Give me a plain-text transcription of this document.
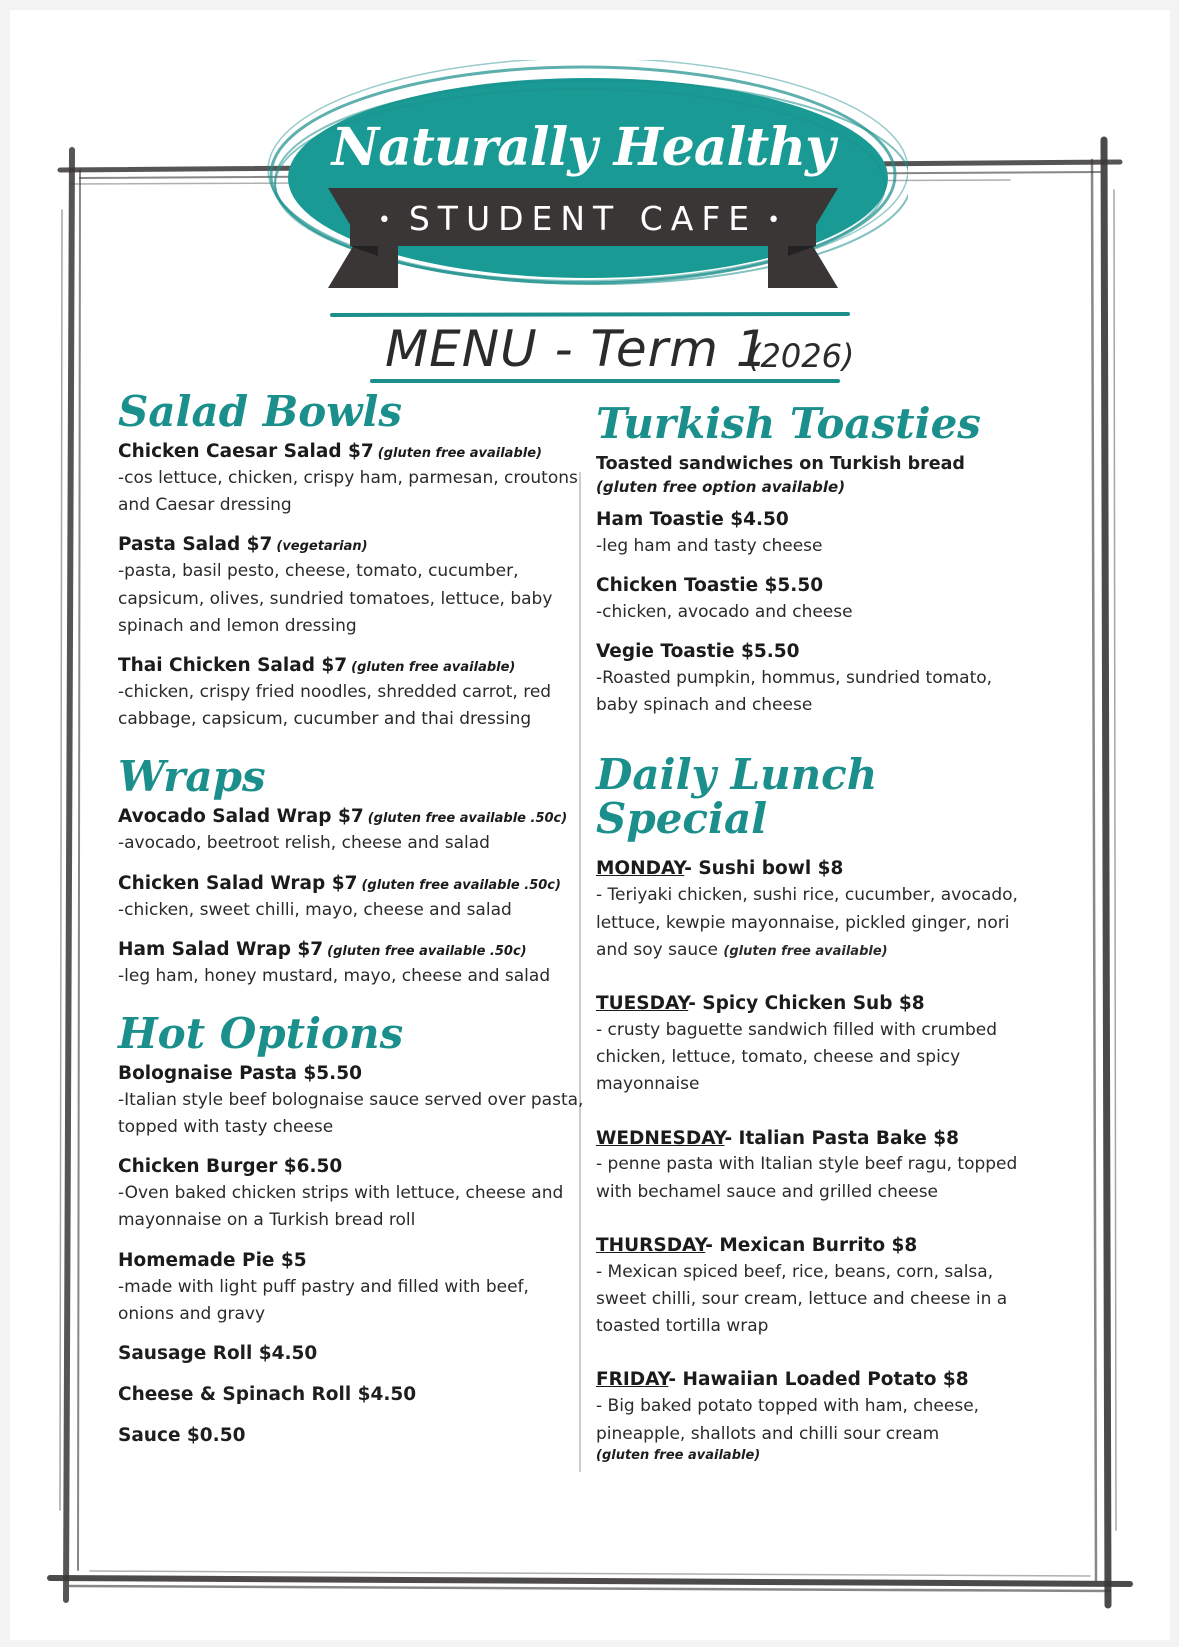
Naturally Healthy
• STUDENT CAFE •
MENU - Term 1
(2026)
Salad Bowls
Chicken Caesar Salad $7 (gluten free available)
-cos lettuce, chicken, crispy ham, parmesan, croutons and Caesar dressing
Pasta Salad $7 (vegetarian)
-pasta, basil pesto, cheese, tomato, cucumber, capsicum, olives, sundried tomatoes, lettuce, baby spinach and lemon dressing
Thai Chicken Salad $7 (gluten free available)
-chicken, crispy fried noodles, shredded carrot, red cabbage, capsicum, cucumber and thai dressing
Wraps
Avocado Salad Wrap $7 (gluten free available .50c)
-avocado, beetroot relish, cheese and salad
Chicken Salad Wrap $7 (gluten free available .50c)
-chicken, sweet chilli, mayo, cheese and salad
Ham Salad Wrap $7 (gluten free available .50c)
-leg ham, honey mustard, mayo, cheese and salad
Hot Options
Bolognaise Pasta $5.50
-Italian style beef bolognaise sauce served over pasta, topped with tasty cheese
Chicken Burger $6.50
-Oven baked chicken strips with lettuce, cheese and mayonnaise on a Turkish bread roll
Homemade Pie $5
-made with light puff pastry and filled with beef, onions and gravy
Sausage Roll $4.50
Cheese & Spinach Roll $4.50
Sauce $0.50
Turkish Toasties
Toasted sandwiches on Turkish bread
(gluten free option available)
Ham Toastie $4.50
-leg ham and tasty cheese
Chicken Toastie $5.50
-chicken, avocado and cheese
Vegie Toastie $5.50
-Roasted pumpkin, hommus, sundried tomato, baby spinach and cheese
Daily Lunch Special
MONDAY- Sushi bowl $8
- Teriyaki chicken, sushi rice, cucumber, avocado, lettuce, kewpie mayonnaise, pickled ginger, nori and soy sauce (gluten free available)
TUESDAY- Spicy Chicken Sub $8
- crusty baguette sandwich filled with crumbed chicken, lettuce, tomato, cheese and spicy mayonnaise
WEDNESDAY- Italian Pasta Bake $8
- penne pasta with Italian style beef ragu, topped with bechamel sauce and grilled cheese
THURSDAY- Mexican Burrito $8
- Mexican spiced beef, rice, beans, corn, salsa, sweet chilli, sour cream, lettuce and cheese in a toasted tortilla wrap
FRIDAY- Hawaiian Loaded Potato $8
- Big baked potato topped with ham, cheese, pineapple, shallots and chilli sour cream
(gluten free available)
